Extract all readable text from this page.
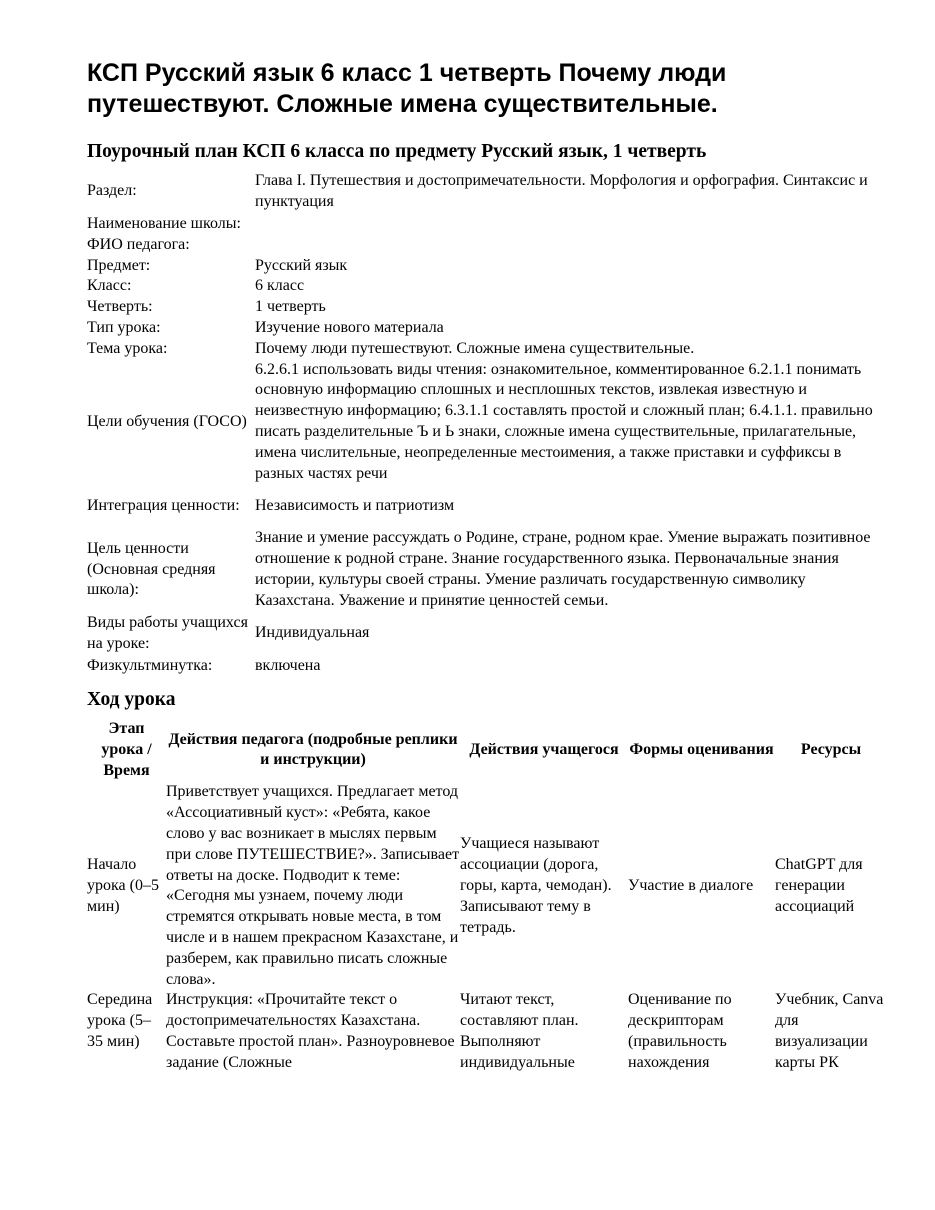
КСП Русский язык 6 класс 1 четверть Почему люди путешествуют. Сложные имена существительные.
Поурочный план КСП 6 класса по предмету Русский язык, 1 четверть
Раздел:	Глава I. Путешествия и достопримечательности. Морфология и орфография. Синтаксис и пунктуация
Наименование школы:	
ФИО педагога:	
Предмет:	Русский язык
Класс:	6 класс
Четверть:	1 четверть
Тип урока:	Изучение нового материала
Тема урока:	Почему люди путешествуют. Сложные имена существительные.
Цели обучения (ГОСО)	6.2.6.1 использовать виды чтения: ознакомительное, комментированное 6.2.1.1 понимать основную информацию сплошных и несплошных текстов, извлекая известную и неизвестную информацию; 6.3.1.1 составлять простой и сложный план; 6.4.1.1. правильно писать разделительные Ъ и Ь знаки, сложные имена существительные, прилагательные, имена числительные, неопределенные местоимения, а также приставки и суффиксы в разных частях речи
Интеграция ценности:	Независимость и патриотизм
Цель ценности (Основная средняя школа):	Знание и умение рассуждать о Родине, стране, родном крае. Умение выражать позитивное отношение к родной стране. Знание государственного языка. Первоначальные знания истории, культуры своей страны. Умение различать государственную символику Казахстана. Уважение и принятие ценностей семьи.
Виды работы учащихся на уроке:	Индивидуальная
Физкультминутка:	включена
Ход урока
Этап урока / Время	Действия педагога (подробные реплики и инструкции)	Действия учащегося	Формы оценивания	Ресурсы
Начало урока (0–5 мин)	Приветствует учащихся. Предлагает метод «Ассоциативный куст»: «Ребята, какое слово у вас возникает в мыслях первым при слове ПУТЕШЕСТВИЕ?». Записывает ответы на доске. Подводит к теме: «Сегодня мы узнаем, почему люди стремятся открывать новые места, в том числе и в нашем прекрасном Казахстане, и разберем, как правильно писать сложные слова».	Учащиеся называют ассоциации (дорога, горы, карта, чемодан). Записывают тему в тетрадь.	Участие в диалоге	ChatGPT для генерации ассоциаций
Середина урока (5–35 мин)	Инструкция: «Прочитайте текст о достопримечательностях Казахстана. Составьте простой план». Разноуровневое задание (Сложные	Читают текст, составляют план. Выполняют индивидуальные	Оценивание по дескрипторам (правильность нахождения	Учебник, Canva для визуализации карты РК
